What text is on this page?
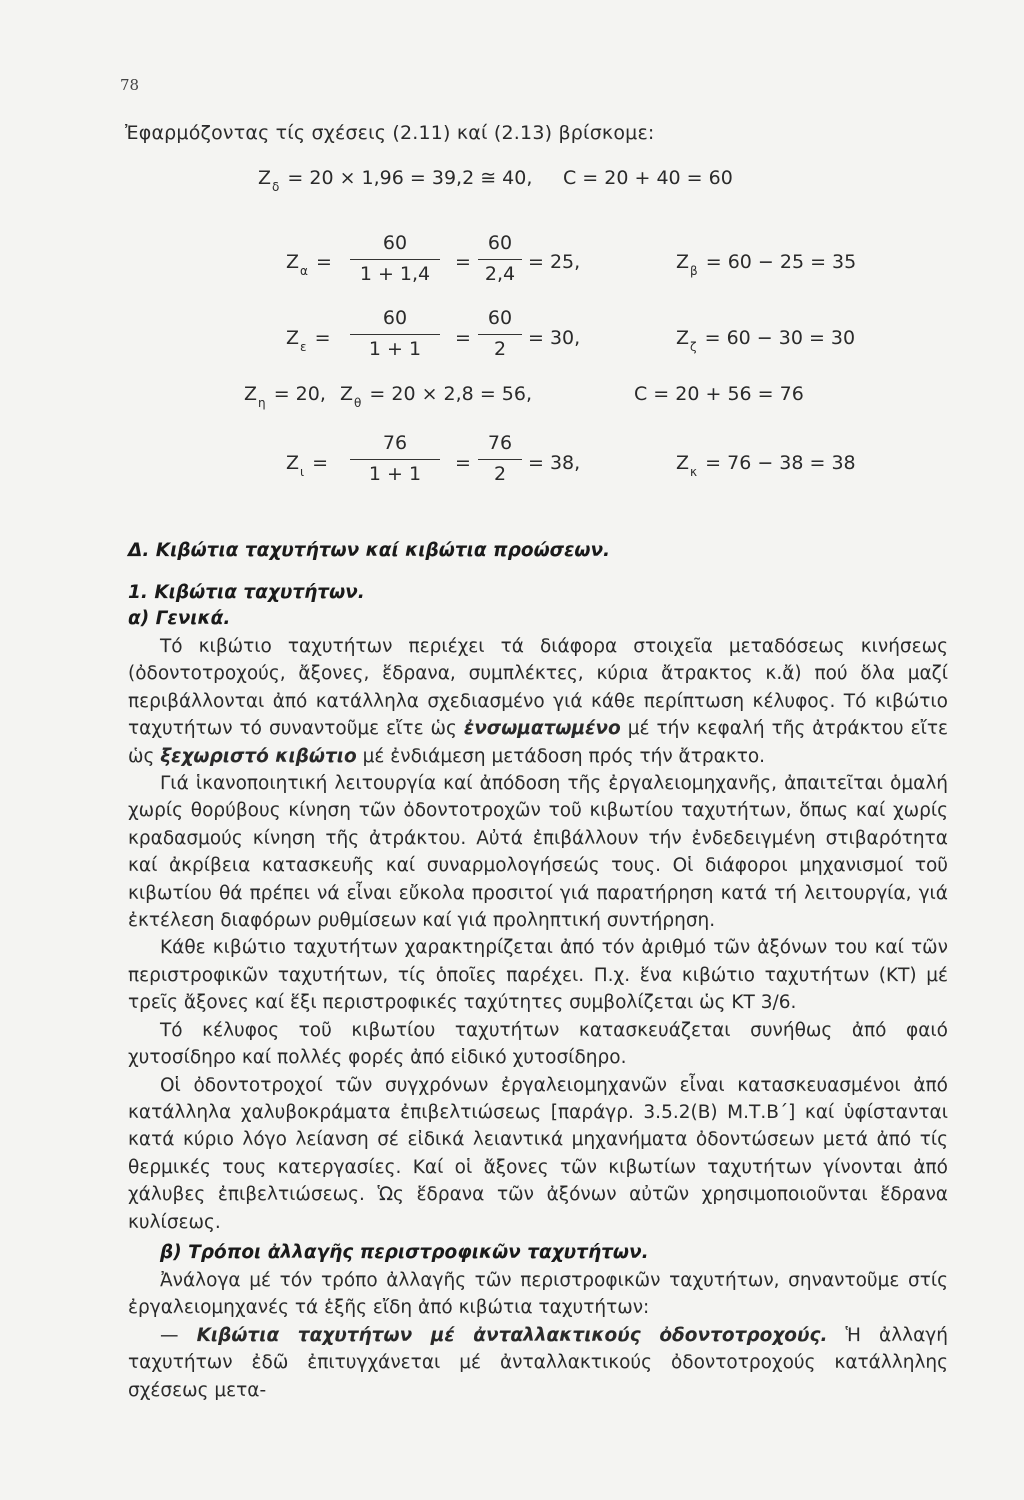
78
Ἐφαρμόζοντας τίς σχέσεις (2.11) καί (2.13) βρίσκομε:
$Z_\delta = 20 \times 1,96 = 39,2$ ≅ 40, C = 20 + 40 = 60
$Z_\alpha$ =
60
1 + 1,4
=
60
2,4
= 25,	$Z_\beta = 60 - 25 = 35$
$Z_\varepsilon$ =
60
1 + 1	=
60
2	= 30,	$Z_\zeta = 60 - 30 = 30$
$Z_\eta = 20$, $Z_\theta = 20 \times 2,8 = 56$,	C = 20 + 56 = 76
$Z_\iota$ =
76
1 + 1	=
76
2	= 38,	$Z_\kappa = 76 - 38 = 38$
Δ. Κιβώτια ταχυτήτων καί κιβώτια προώσεων.
1. Κιβώτια ταχυτήτων.
α) Γενικά.

Τό κιβώτιο ταχυτήτων περιέχει τά διάφορα στοιχεῖα μεταδόσεως κινήσεως (ὀδοντοτροχούς, ἄξονες, ἕδρανα, συμπλέκτες, κύρια ἄτρακτος κ.ἄ) πού ὅλα μαζί περιβάλλονται ἀπό κατάλληλα σχεδιασμένο γιά κάθε περίπτωση κέλυφος. Τό κιβώτιο ταχυτήτων τό συναντοῦμε εἴτε ὡς ἐνσωματωμένο μέ τήν κεφαλή τῆς ἀτράκτου εἴτε ὡς ξεχωριστό κιβώτιο μέ ἐνδιάμεση μετάδοση πρός τήν ἄτρακτο.

Γιά ἱκανοποιητική λειτουργία καί ἀπόδοση τῆς ἐργαλειομηχανῆς, ἀπαιτεῖται ὁμαλή χωρίς θορύβους κίνηση τῶν ὀδοντοτροχῶν τοῦ κιβωτίου ταχυτήτων, ὅπως καί χωρίς κραδασμούς κίνηση τῆς ἀτράκτου. Αὐτά ἐπιβάλλουν τήν ἐνδεδειγμένη στιβαρότητα καί ἀκρίβεια κατασκευῆς καί συναρμολογήσεώς τους. Οἱ διάφοροι μηχανισμοί τοῦ κιβωτίου θά πρέπει νά εἶναι εὔκολα προσιτοί γιά παρατήρηση κατά τή λειτουργία, γιά ἐκτέλεση διαφόρων ρυθμίσεων καί γιά προληπτική συντήρηση.

Κάθε κιβώτιο ταχυτήτων χαρακτηρίζεται ἀπό τόν ἀριθμό τῶν ἀξόνων του καί τῶν περιστροφικῶν ταχυτήτων, τίς ὁποῖες παρέχει. Π.χ. ἕνα κιβώτιο ταχυτήτων (ΚΤ) μέ τρεῖς ἄξονες καί ἕξι περιστροφικές ταχύτητες συμβολίζεται ὡς ΚΤ 3/6.

Τό κέλυφος τοῦ κιβωτίου ταχυτήτων κατασκευάζεται συνήθως ἀπό φαιό χυτοσίδηρο καί πολλές φορές ἀπό εἰδικό χυτοσίδηρο.

Οἱ ὀδοντοτροχοί τῶν συγχρόνων ἐργαλειομηχανῶν εἶναι κατασκευασμένοι ἀπό κατάλληλα χαλυβοκράματα ἐπιβελτιώσεως [παράγρ. 3.5.2(Β) Μ.Τ.Β΄] καί ὑφίστανται κατά κύριο λόγο λείανση σέ εἰδικά λειαντικά μηχανήματα ὀδοντώσεων μετά ἀπό τίς θερμικές τους κατεργασίες. Καί οἱ ἄξονες τῶν κιβωτίων ταχυτήτων γίνονται ἀπό χάλυβες ἐπιβελτιώσεως. Ὡς ἕδρανα τῶν ἀξόνων αὐτῶν χρησιμοποιοῦνται ἕδρανα κυλίσεως.

β) Τρόποι ἀλλαγῆς περιστροφικῶν ταχυτήτων.

Ἀνάλογα μέ τόν τρόπο ἀλλαγῆς τῶν περιστροφικῶν ταχυτήτων, σηναντοῦμε στίς ἐργαλειομηχανές τά ἑξῆς εἴδη ἀπό κιβώτια ταχυτήτων:

— Κιβώτια ταχυτήτων μέ ἀνταλλακτικούς ὀδοντοτροχούς. Ἡ ἀλλαγή ταχυτήτων ἐδῶ ἐπιτυγχάνεται μέ ἀνταλλακτικούς ὀδοντοτροχούς κατάλληλης σχέσεως μετα-
